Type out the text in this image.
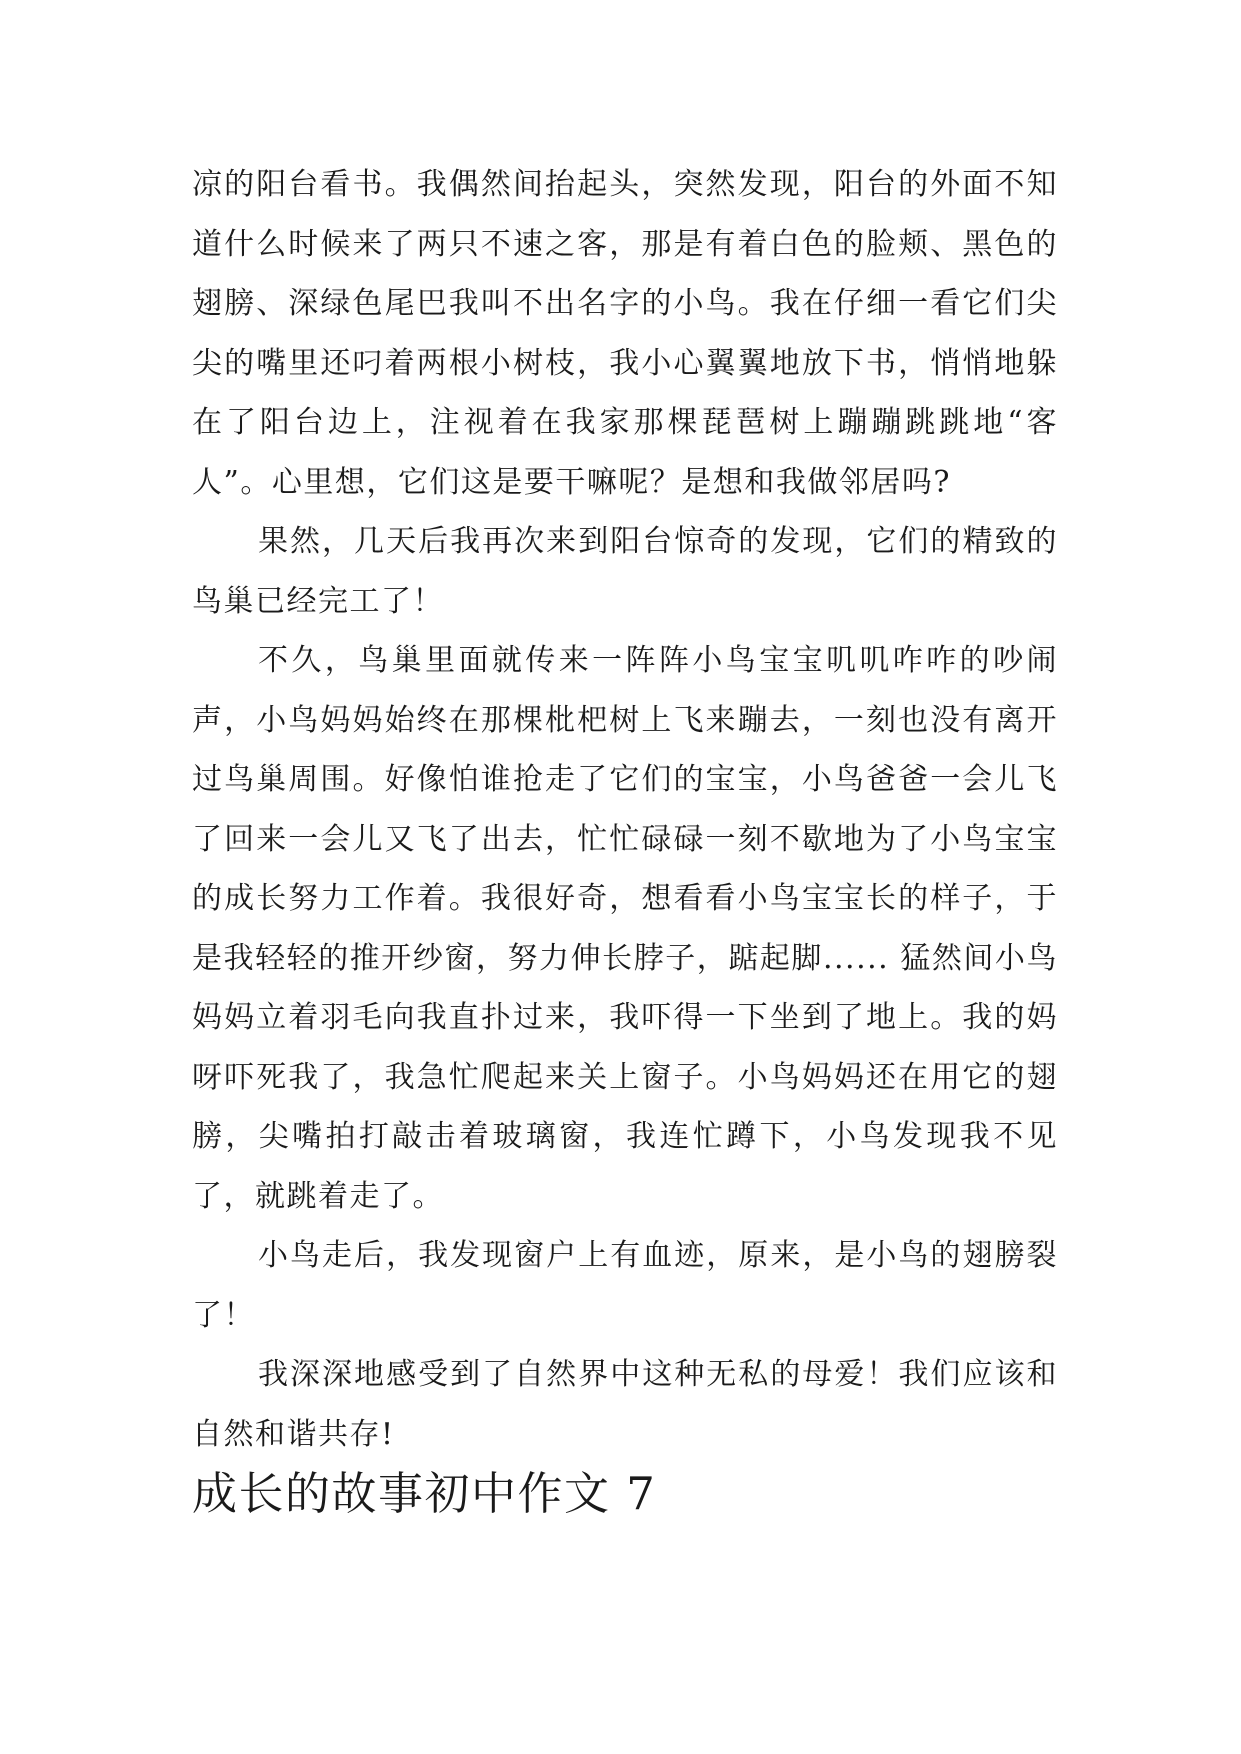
凉的阳台看书。我偶然间抬起头，突然发现，阳台的外面不知道什么时候来了两只不速之客，那是有着白色的脸颊、黑色的翅膀、深绿色尾巴我叫不出名字的小鸟。我在仔细一看它们尖尖的嘴里还叼着两根小树枝，我小心翼翼地放下书，悄悄地躲在了阳台边上，注视着在我家那棵琵琶树上蹦蹦跳跳地“客人”。心里想，它们这是要干嘛呢？是想和我做邻居吗?

果然，几天后我再次来到阳台惊奇的发现，它们的精致的鸟巢已经完工了！

不久，鸟巢里面就传来一阵阵小鸟宝宝叽叽咋咋的吵闹声，小鸟妈妈始终在那棵枇杷树上飞来蹦去，一刻也没有离开过鸟巢周围。好像怕谁抢走了它们的宝宝，小鸟爸爸一会儿飞了回来一会儿又飞了出去，忙忙碌碌一刻不歇地为了小鸟宝宝的成长努力工作着。我很好奇，想看看小鸟宝宝长的样子，于是我轻轻的推开纱窗，努力伸长脖子，踮起脚...... 猛然间小鸟妈妈立着羽毛向我直扑过来，我吓得一下坐到了地上。我的妈呀吓死我了，我急忙爬起来关上窗子。小鸟妈妈还在用它的翅膀，尖嘴拍打敲击着玻璃窗，我连忙蹲下，小鸟发现我不见了，就跳着走了。

小鸟走后，我发现窗户上有血迹，原来，是小鸟的翅膀裂了！

我深深地感受到了自然界中这种无私的母爱！我们应该和自然和谐共存!

成长的故事初中作文 7
